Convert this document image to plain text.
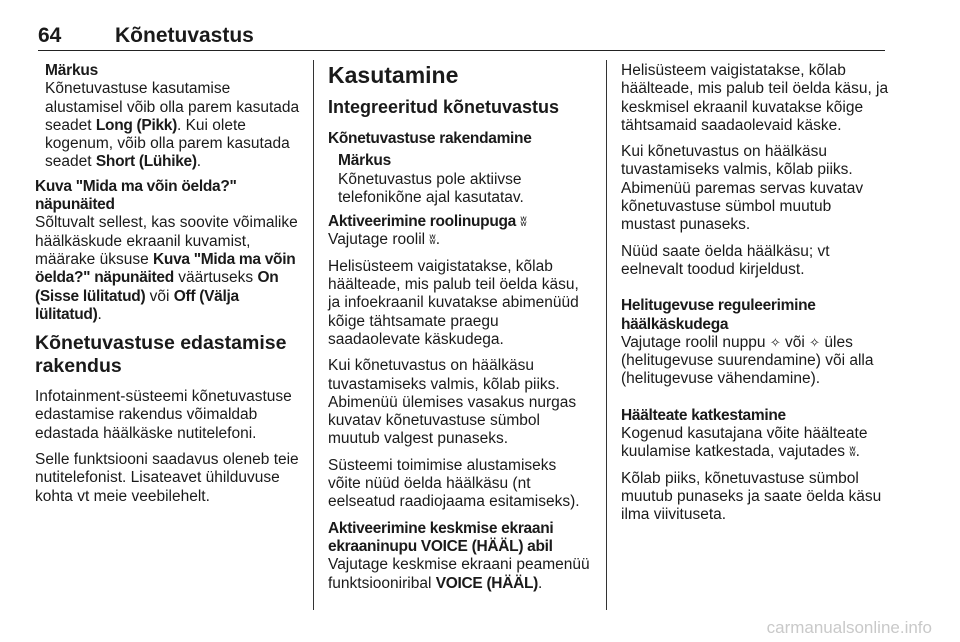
64	Kõnetuvastus
Märkus
Kõnetuvastuse kasutamise alustamisel võib olla parem kasutada seadet Long (Pikk). Kui olete kogenum, võib olla parem kasutada seadet Short (Lühike).

Kuva "Mida ma võin öelda?" näpunäited
Sõltuvalt sellest, kas soovite võimalike häälkäskude ekraanil kuvamist, määrake üksuse Kuva "Mida ma võin öelda?" näpunäited väärtuseks On (Sisse lülitatud) või Off (Välja lülitatud).

Kõnetuvastuse edastamise rakendus

Infotainment-süsteemi kõnetuvastuse edastamise rakendus võimaldab edastada häälkäske nutitelefoni.

Selle funktsiooni saadavus oleneb teie nutitelefonist. Lisateavet ühilduvuse kohta vt meie veebilehelt.

Kasutamine
Integreeritud kõnetuvastus

Kõnetuvastuse rakendamine

Märkus
Kõnetuvastus pole aktiivse telefonikõne ajal kasutatav.

Aktiveerimine roolinupuga ʬ
Vajutage roolil ʬ.

Helisüsteem vaigistatakse, kõlab häälteade, mis palub teil öelda käsu, ja infoekraanil kuvatakse abimenüüd kõige tähtsamate praegu saadaolevate käskudega.

Kui kõnetuvastus on häälkäsu tuvastamiseks valmis, kõlab piiks. Abimenüü ülemises vasakus nurgas kuvatav kõnetuvastuse sümbol muutub valgest punaseks.

Süsteemi toimimise alustamiseks võite nüüd öelda häälkäsu (nt eelseatud raadiojaama esitamiseks).

Aktiveerimine keskmise ekraani ekraaninupu VOICE (HÄÄL) abil
Vajutage keskmise ekraani peamenüü funktsiooniribal VOICE (HÄÄL).

Helisüsteem vaigistatakse, kõlab häälteade, mis palub teil öelda käsu, ja keskmisel ekraanil kuvatakse kõige tähtsamaid saadaolevaid käske.

Kui kõnetuvastus on häälkäsu tuvastamiseks valmis, kõlab piiks. Abimenüü paremas servas kuvatav kõnetuvastuse sümbol muutub mustast punaseks.

Nüüd saate öelda häälkäsu; vt eelnevalt toodud kirjeldust.

Helitugevuse reguleerimine häälkäskudega
Vajutage roolil nuppu ✧ või ✧ üles (helitugevuse suurendamine) või alla (helitugevuse vähendamine).

Häälteate katkestamine
Kogenud kasutajana võite häälteate kuulamise katkestada, vajutades ʬ.

Kõlab piiks, kõnetuvastuse sümbol muutub punaseks ja saate öelda käsu ilma viivituseta.

carmanualsonline.info
